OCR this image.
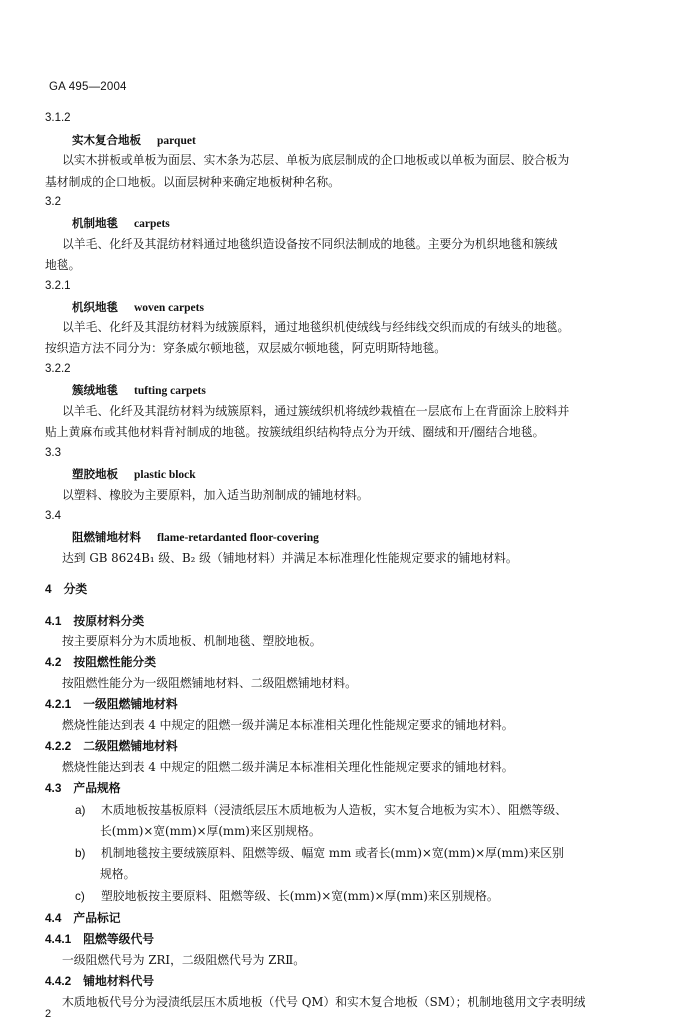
GA 495—2004
3.1.2
实木复合地板 parquet
以实木拼板或单板为面层、实木条为芯层、单板为底层制成的企口地板或以单板为面层、胶合板为
基材制成的企口地板。以面层树种来确定地板树种名称。
3.2
机制地毯 carpets
以羊毛、化纤及其混纺材料通过地毯织造设备按不同织法制成的地毯。主要分为机织地毯和簇绒
地毯。
3.2.1
机织地毯 woven carpets
以羊毛、化纤及其混纺材料为绒簇原料，通过地毯织机使绒线与经纬线交织而成的有绒头的地毯。
按织造方法不同分为：穿条威尔顿地毯，双层威尔顿地毯，阿克明斯特地毯。
3.2.2
簇绒地毯 tufting carpets
以羊毛、化纤及其混纺材料为绒簇原料，通过簇绒织机将绒纱栽植在一层底布上在背面涂上胶料并
贴上黄麻布或其他材料背衬制成的地毯。按簇绒组织结构特点分为开绒、圈绒和开/圈结合地毯。
3.3
塑胶地板 plastic block
以塑料、橡胶为主要原料，加入适当助剂制成的铺地材料。
3.4
阻燃铺地材料 flame-retardanted floor-covering
达到 GB 8624B₁ 级、B₂ 级（铺地材料）并满足本标准理化性能规定要求的铺地材料。
4 分类
4.1 按原材料分类
按主要原料分为木质地板、机制地毯、塑胶地板。
4.2 按阻燃性能分类
按阻燃性能分为一级阻燃铺地材料、二级阻燃铺地材料。
4.2.1 一级阻燃铺地材料
燃烧性能达到表 4 中规定的阻燃一级并满足本标准相关理化性能规定要求的铺地材料。
4.2.2 二级阻燃铺地材料
燃烧性能达到表 4 中规定的阻燃二级并满足本标准相关理化性能规定要求的铺地材料。
4.3 产品规格
a) 木质地板按基板原料（浸渍纸层压木质地板为人造板，实木复合地板为实木）、阻燃等级、
长(mm)×宽(mm)×厚(mm)来区别规格。
b) 机制地毯按主要绒簇原料、阻燃等级、幅宽 mm 或者长(mm)×宽(mm)×厚(mm)来区别
规格。
c) 塑胶地板按主要原料、阻燃等级、长(mm)×宽(mm)×厚(mm)来区别规格。
4.4 产品标记
4.4.1 阻燃等级代号
一级阻燃代号为 ZRⅠ，二级阻燃代号为 ZRⅡ。
4.4.2 铺地材料代号
木质地板代号分为浸渍纸层压木质地板（代号 QM）和实木复合地板（SM）；机制地毯用文字表明绒
2
